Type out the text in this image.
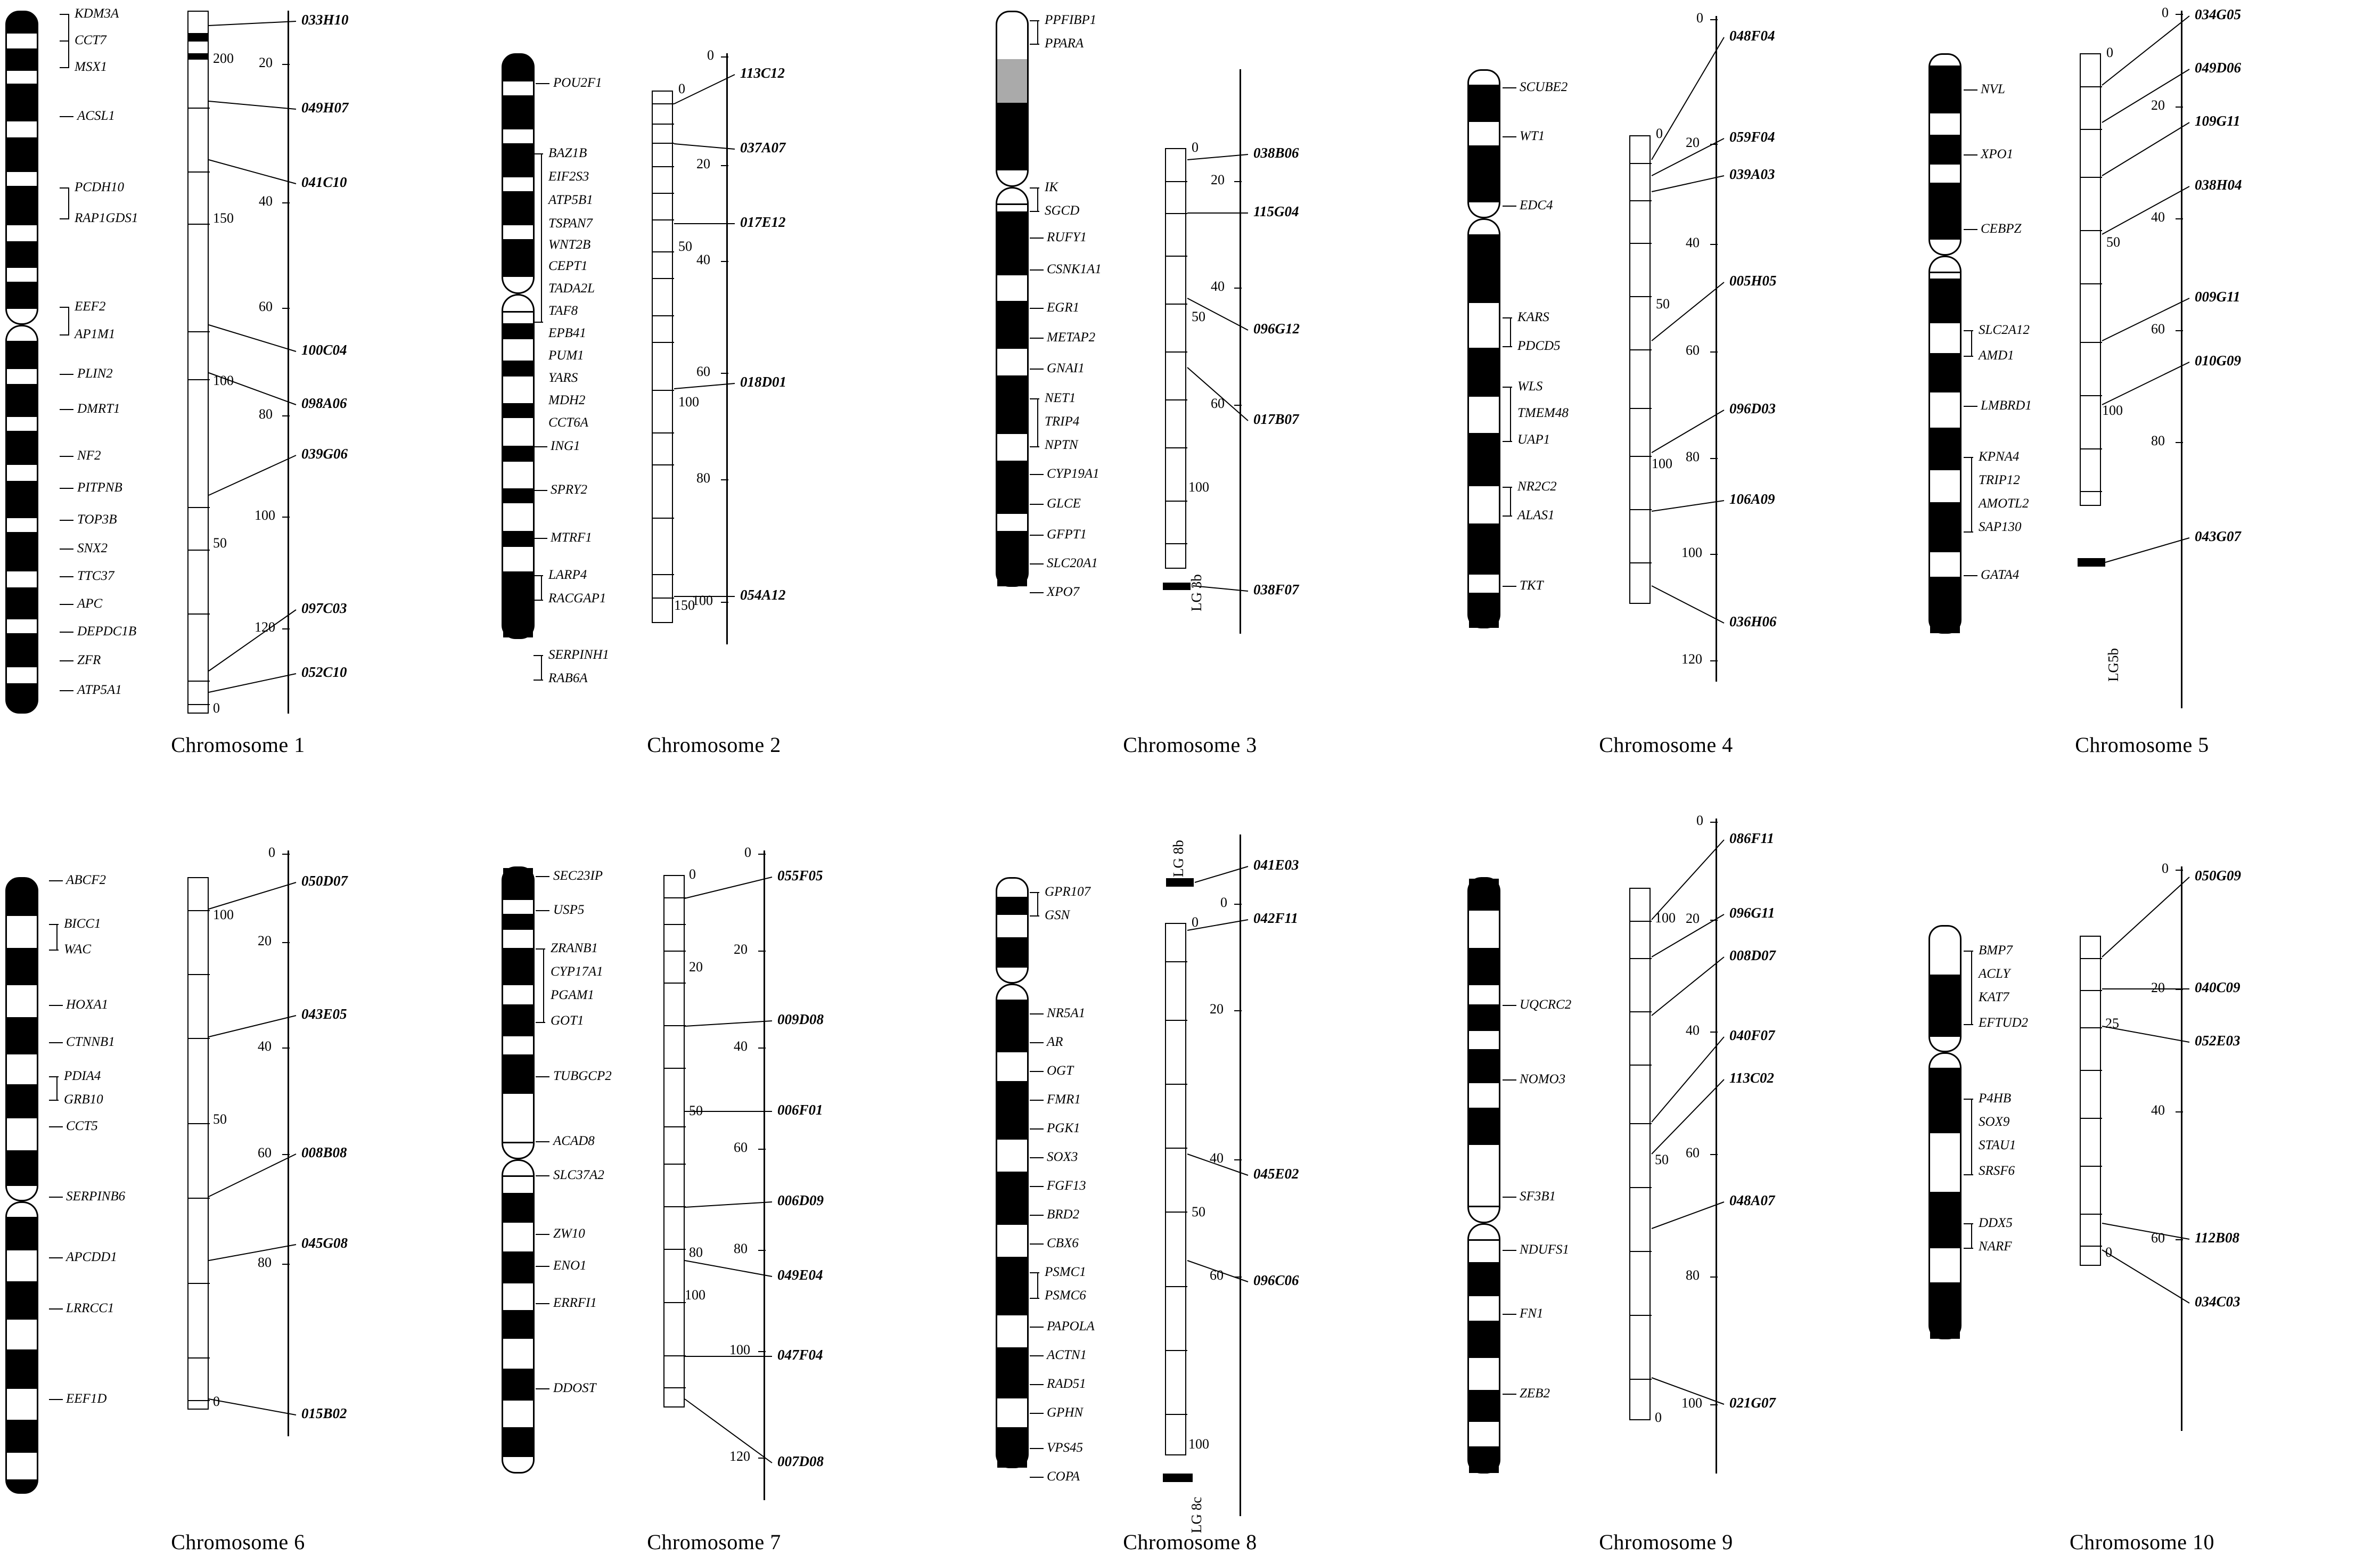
KDM3A
CCT7
MSX1
ACSL1
PCDH10
RAP1GDS1
EEF2
AP1M1
PLIN2
DMRT1
NF2
PITPNB
TOP3B
SNX2
TTC37
APC
DEPDC1B
ZFR
ATP5A1
200
150
100
50
0
20
40
60
80
100
120
033H10
049H07
041C10
100C04
098A06
039G06
097C03
052C10
Chromosome 1
POU2F1
BAZ1B
EIF2S3
ATP5B1
TSPAN7
WNT2B
CEPT1
TADA2L
TAF8
EPB41
PUM1
YARS
MDH2
CCT6A
ING1
SPRY2
MTRF1
LARP4
RACGAP1
SERPINH1
RAB6A
0
50
100
150
0
20
40
60
80
100
113C12
037A07
017E12
018D01
054A12
Chromosome 2
PPFIBP1
PPARA
IK
SGCD
RUFY1
CSNK1A1
EGR1
METAP2
GNAI1
NET1
TRIP4
NPTN
CYP19A1
GLCE
GFPT1
SLC20A1
XPO7
0
50
100
LG 3b
20
40
60
038B06
115G04
096G12
017B07
038F07
Chromosome 3
SCUBE2
WT1
EDC4
KARS
PDCD5
WLS
TMEM48
UAP1
NR2C2
ALAS1
TKT
0
50
100
0
20
40
60
80
100
120
048F04
059F04
039A03
005H05
096D03
106A09
036H06
Chromosome 4
NVL
XPO1
CEBPZ
SLC2A12
AMD1
LMBRD1
KPNA4
TRIP12
AMOTL2
SAP130
GATA4
0
50
100
LG5b
0
20
40
60
80
034G05
049D06
109G11
038H04
009G11
010G09
043G07
Chromosome 5
ABCF2
BICC1
WAC
HOXA1
CTNNB1
PDIA4
GRB10
CCT5
SERPINB6
APCDD1
LRRCC1
EEF1D
100
50
0
0
20
40
60
80
050D07
043E05
008B08
045G08
015B02
Chromosome 6
SEC23IP
USP5
ZRANB1
CYP17A1
PGAM1
GOT1
TUBGCP2
ACAD8
SLC37A2
ZW10
ENO1
ERRFI1
DDOST
0
20
50
80
100
0
20
40
60
80
100
120
055F05
009D08
006F01
006D09
049E04
047F04
007D08
Chromosome 7
GPR107
GSN
NR5A1
AR
OGT
FMR1
PGK1
SOX3
FGF13
BRD2
CBX6
PSMC1
PSMC6
PAPOLA
ACTN1
RAD51
GPHN
VPS45
COPA
LG 8b
0
50
100
LG 8c
0
20
40
60
041E03
042F11
045E02
096C06
Chromosome 8
UQCRC2
NOMO3
SF3B1
NDUFS1
FN1
ZEB2
100
50
0
0
20
40
60
80
100
086F11
096G11
008D07
040F07
113C02
048A07
021G07
Chromosome 9
BMP7
ACLY
KAT7
EFTUD2
P4HB
SOX9
STAU1
SRSF6
DDX5
NARF
25
0
0
20
40
60
050G09
040C09
052E03
112B08
034C03
Chromosome 10
